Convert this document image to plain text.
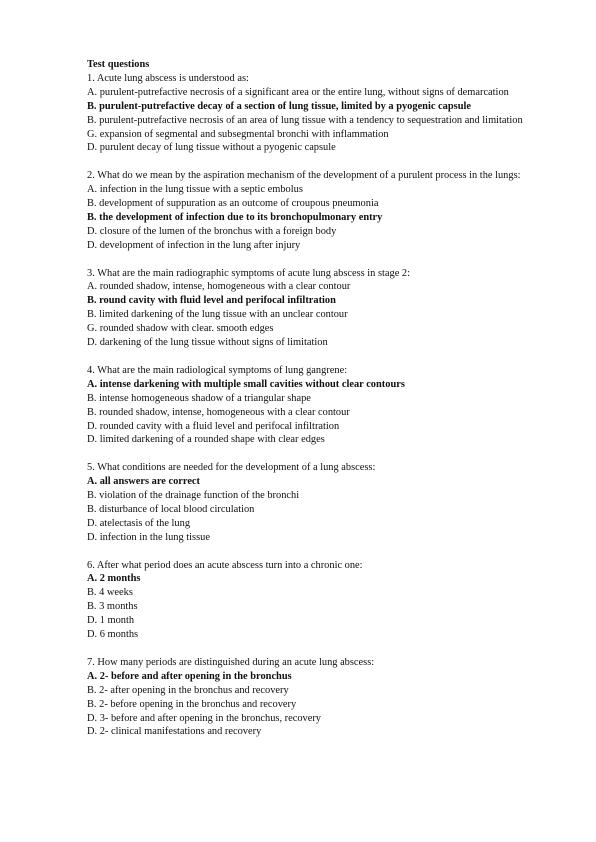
Test questions

1. Acute lung abscess is understood as:

A. purulent-putrefactive necrosis of a significant area or the entire lung, without signs of demarcation

B. purulent-putrefactive decay of a section of lung tissue, limited by a pyogenic capsule

B. purulent-putrefactive necrosis of an area of lung tissue with a tendency to sequestration and limitation

G. expansion of segmental and subsegmental bronchi with inflammation

D. purulent decay of lung tissue without a pyogenic capsule

2. What do we mean by the aspiration mechanism of the development of a purulent process in the lungs:

A. infection in the lung tissue with a septic embolus

B. development of suppuration as an outcome of croupous pneumonia

B. the development of infection due to its bronchopulmonary entry

D. closure of the lumen of the bronchus with a foreign body

D. development of infection in the lung after injury

3. What are the main radiographic symptoms of acute lung abscess in stage 2:

A. rounded shadow, intense, homogeneous with a clear contour

B. round cavity with fluid level and perifocal infiltration

B. limited darkening of the lung tissue with an unclear contour

G. rounded shadow with clear. smooth edges

D. darkening of the lung tissue without signs of limitation

4. What are the main radiological symptoms of lung gangrene:

A. intense darkening with multiple small cavities without clear contours

B. intense homogeneous shadow of a triangular shape

B. rounded shadow, intense, homogeneous with a clear contour

D. rounded cavity with a fluid level and perifocal infiltration

D. limited darkening of a rounded shape with clear edges

5. What conditions are needed for the development of a lung abscess:

A. all answers are correct

B. violation of the drainage function of the bronchi

B. disturbance of local blood circulation

D. atelectasis of the lung

D. infection in the lung tissue

6. After what period does an acute abscess turn into a chronic one:

A. 2 months

B. 4 weeks

B. 3 months

D. 1 month

D. 6 months

7. How many periods are distinguished during an acute lung abscess:

A. 2- before and after opening in the bronchus

B. 2- after opening in the bronchus and recovery

B. 2- before opening in the bronchus and recovery

D. 3- before and after opening in the bronchus, recovery

D. 2- clinical manifestations and recovery
